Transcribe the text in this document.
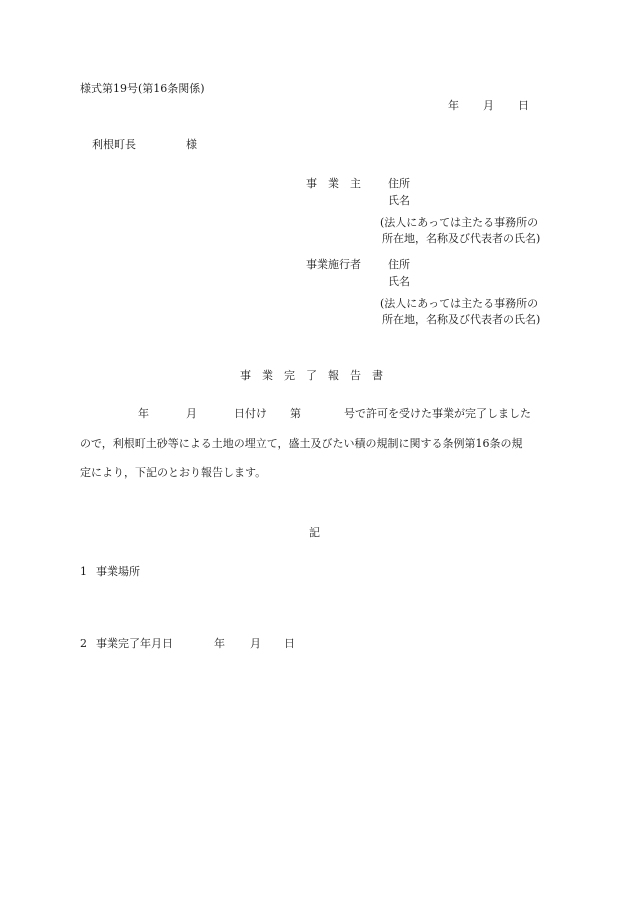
様式第19号(第16条関係)
年 月 日
利根町長	様
事　業　主 住所
氏名
(法人にあっては主たる事務所の
所在地，名称及び代表者の氏名)
事業施行者 住所
氏名
(法人にあっては主たる事務所の
所在地，名称及び代表者の氏名)
事　業　完　了　報　告　書
年	月	日付け 第	号で許可を受けた事業が完了しました
ので，利根町土砂等による土地の埋立て，盛土及びたい積の規制に関する条例第16条の規
定により，下記のとおり報告します。
記
1 事業場所
2 事業完了年月日	年 月 日
